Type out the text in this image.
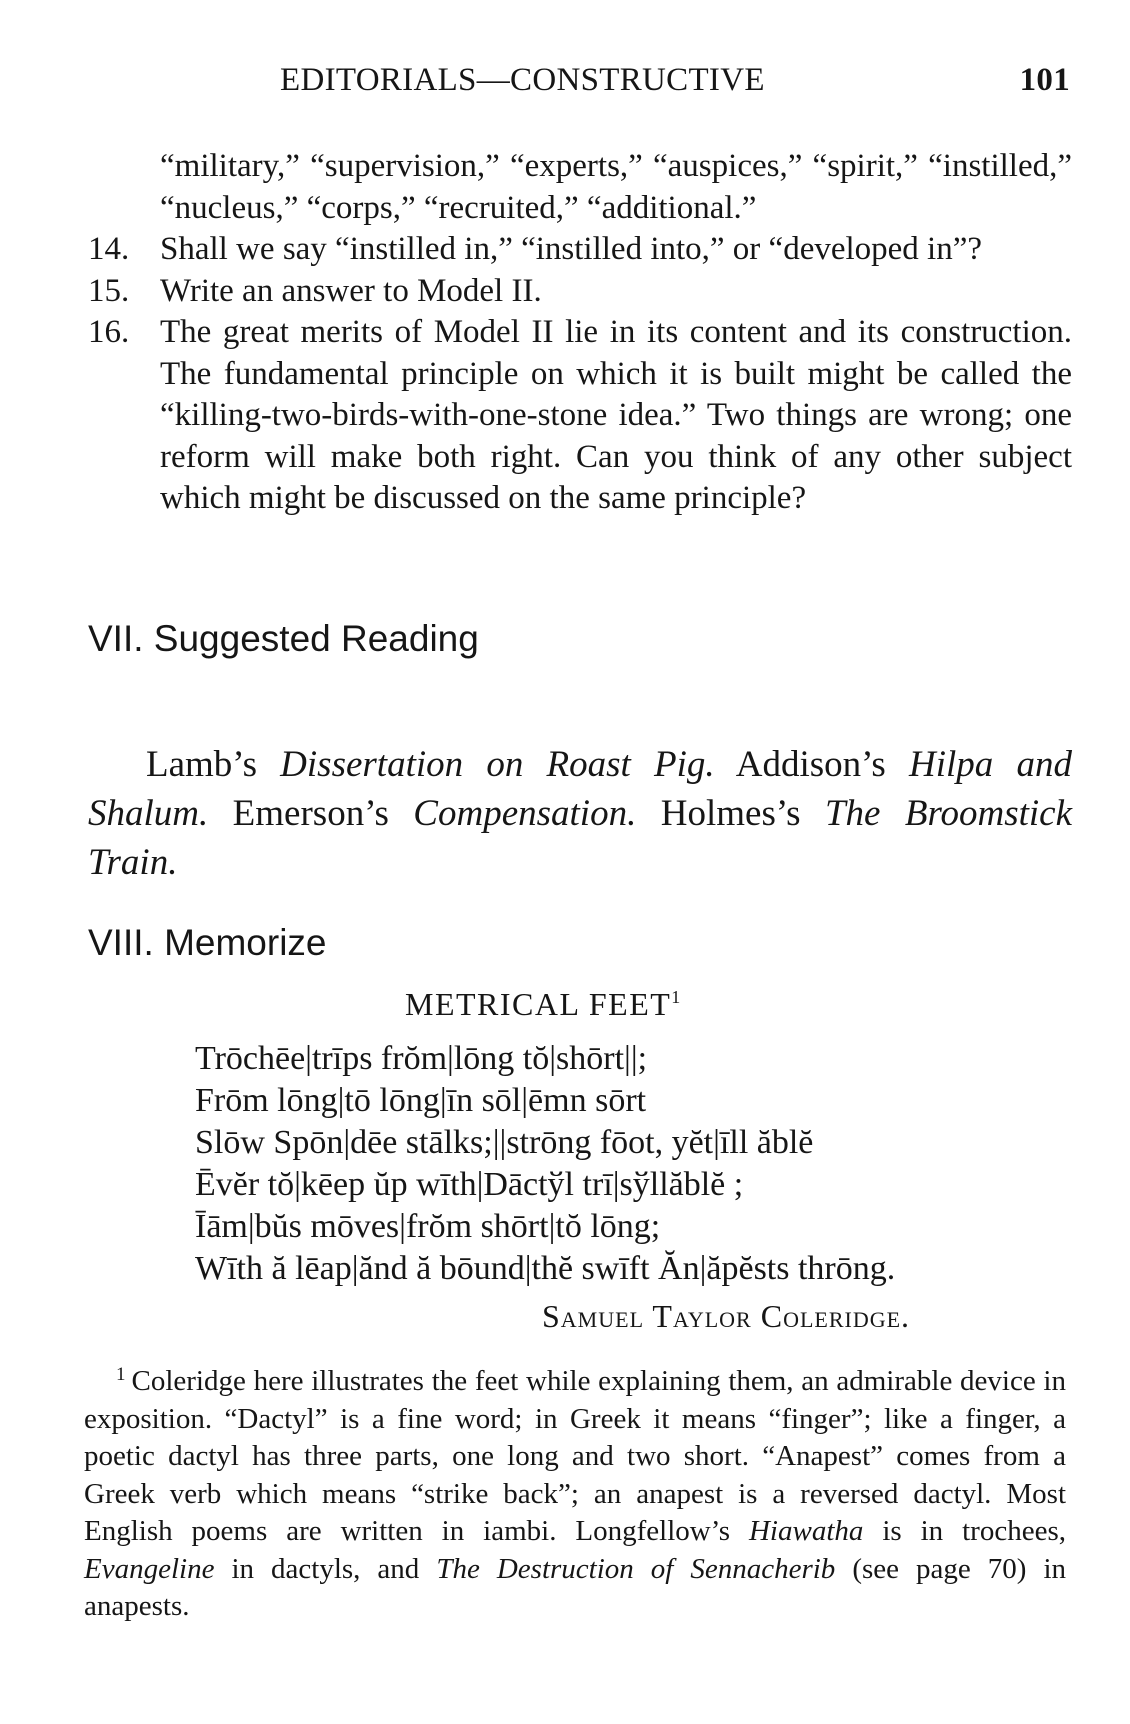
EDITORIALS—CONSTRUCTIVE	101
“military,” “supervision,” “experts,” “auspices,” “spirit,” “instilled,” “nucleus,” “corps,” “recruited,” “additional.”
14. Shall we say “instilled in,” “instilled into,” or “developed in”?
15. Write an answer to Model II.
16. The great merits of Model II lie in its content and its construction. The fundamental principle on which it is built might be called the “killing-two-birds-with-one-stone idea.” Two things are wrong; one reform will make both right. Can you think of any other subject which might be discussed on the same principle?
VII. Suggested Reading
Lamb’s Dissertation on Roast Pig. Addison’s Hilpa and Shalum. Emerson’s Compensation. Holmes’s The Broomstick Train.
VIII. Memorize
METRICAL FEET$^1$
Trōchēe|trīps frŏm|lōng tŏ|shōrt||;
Frōm lōng|tō lōng|īn sōl|ēmn sōrt
Slōw Spōn|dēe stālks;||strōng fōot, yĕt|īll ăblĕ
Ēvĕr tŏ|kēep ŭp wīth|Dāctўl trī|sўllăblĕ ;
Īām|bŭs mōves|frŏm shōrt|tŏ lōng;
Wīth ă lēap|ănd ă bōund|thĕ swīft Ăn|ăpĕsts thrōng.
Samuel Taylor Coleridge.
$^1$ Coleridge here illustrates the feet while explaining them, an admirable device in exposition. “Dactyl” is a fine word; in Greek it means “finger”; like a finger, a poetic dactyl has three parts, one long and two short. “Anapest” comes from a Greek verb which means “strike back”; an anapest is a reversed dactyl. Most English poems are written in iambi. Longfellow’s Hiawatha is in trochees, Evangeline in dactyls, and The Destruction of Sennacherib (see page 70) in anapests.
